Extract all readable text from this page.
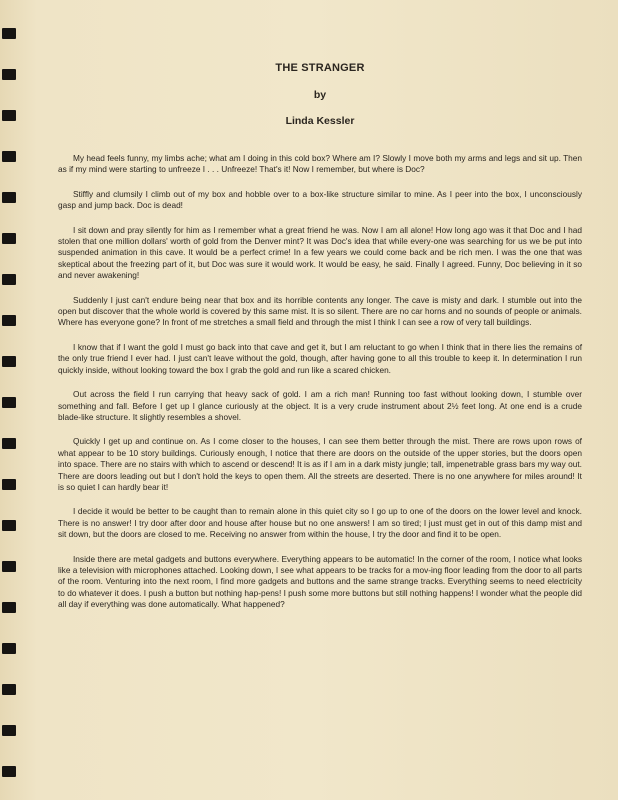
THE STRANGER
by
Linda Kessler

My head feels funny, my limbs ache; what am I doing in this cold box? Where am I? Slowly I move both my arms and legs and sit up. Then as if my mind were starting to unfreeze I . . . Unfreeze! That's it! Now I remember, but where is Doc?

Stiffly and clumsily I climb out of my box and hobble over to a box-like structure similar to mine. As I peer into the box, I unconsciously gasp and jump back. Doc is dead!

I sit down and pray silently for him as I remember what a great friend he was. Now I am all alone! How long ago was it that Doc and I had stolen that one million dollars' worth of gold from the Denver mint? It was Doc's idea that while every-one was searching for us we be put into suspended animation in this cave. It would be a perfect crime! In a few years we could come back and be rich men. I was the one that was skeptical about the freezing part of it, but Doc was sure it would work. It would be easy, he said. Finally I agreed. Funny, Doc believing in it so and never awakening!

Suddenly I just can't endure being near that box and its horrible contents any longer. The cave is misty and dark. I stumble out into the open but discover that the whole world is covered by this same mist. It is so silent. There are no car horns and no sounds of people or animals. Where has everyone gone? In front of me stretches a small field and through the mist I think I can see a row of very tall buildings.

I know that if I want the gold I must go back into that cave and get it, but I am reluctant to go when I think that in there lies the remains of the only true friend I ever had. I just can't leave without the gold, though, after having gone to all this trouble to keep it. In determination I run quickly inside, without looking toward the box I grab the gold and run like a scared chicken.

Out across the field I run carrying that heavy sack of gold. I am a rich man! Running too fast without looking down, I stumble over something and fall. Before I get up I glance curiously at the object. It is a very crude instrument about 2½ feet long. At one end is a crude blade-like structure. It slightly resembles a shovel.

Quickly I get up and continue on. As I come closer to the houses, I can see them better through the mist. There are rows upon rows of what appear to be 10 story buildings. Curiously enough, I notice that there are doors on the outside of the upper stories, but the doors open into space. There are no stairs with which to ascend or descend! It is as if I am in a dark misty jungle; tall, impenetrable grass bars my way out. There are doors leading out but I don't hold the keys to open them. All the streets are deserted. There is no one anywhere for miles around! It is so quiet I can hardly bear it!

I decide it would be better to be caught than to remain alone in this quiet city so I go up to one of the doors on the lower level and knock. There is no answer! I try door after door and house after house but no one answers! I am so tired; I just must get in out of this damp mist and sit down, but the doors are closed to me. Receiving no answer from within the house, I try the door and find it to be open.

Inside there are metal gadgets and buttons everywhere. Everything appears to be automatic! In the corner of the room, I notice what looks like a television with microphones attached. Looking down, I see what appears to be tracks for a mov-ing floor leading from the door to all parts of the room. Venturing into the next room, I find more gadgets and buttons and the same strange tracks. Everything seems to need electricity to do whatever it does. I push a button but nothing hap-pens! I push some more buttons but still nothing happens! I wonder what the people did all day if everything was done automatically. What happened?
